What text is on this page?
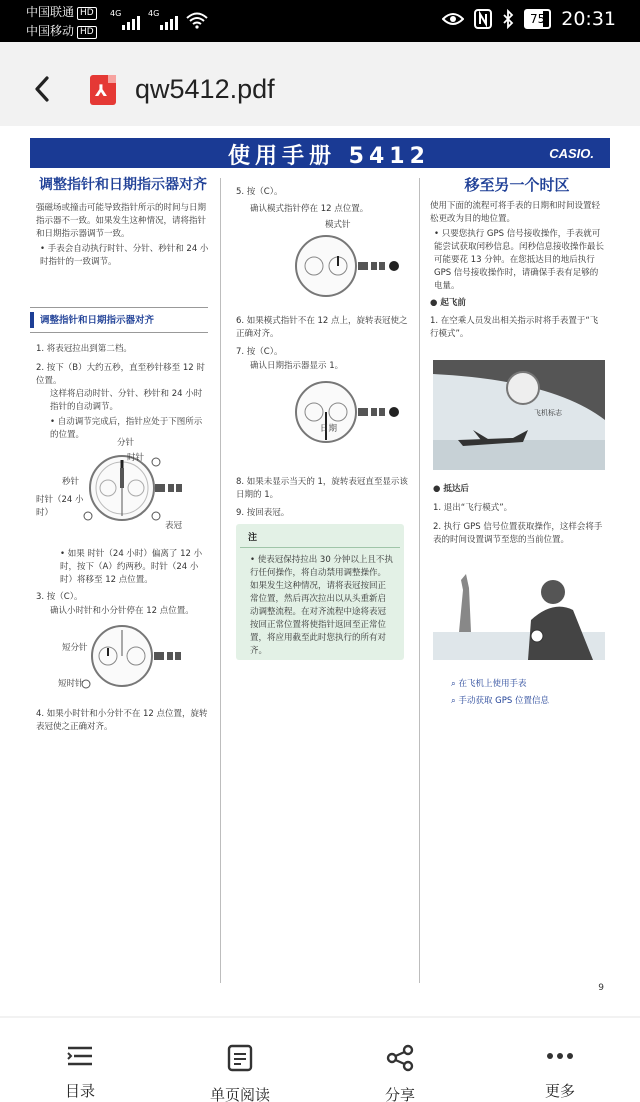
中国联通 HD
中国移动 HD
4G	4G	75 20:31
⅄ qw5412.pdf
使用手册 5412	CASIO.
调整指针和日期指示器对齐
强磁场或撞击可能导致指针所示的时间与日期指示器不一致。如果发生这种情况，请将指针和日期指示器调节一致。
• 手表会自动执行时针、分针、秒针和 24 小时指针的一致调节。
调整指针和日期指示器对齐
1. 将表冠拉出到第二档。
2. 按下（B）大约五秒，直至秒针移至 12 时位置。
这样将启动时针、分针、秒针和 24 小时指针的自动调节。
• 自动调节完成后，指针应处于下图所示的位置。
分针
时针
秒针
时针（24 小时）
表冠
• 如果 时针（24 小时）偏离了 12 小时，按下（A）约两秒。时针（24 小时）将移至 12 点位置。
3. 按（C）。
确认小时针和小分针停在 12 点位置。
短分针
短时针
4. 如果小时针和小分针不在 12 点位置，旋转表冠使之正确对齐。
5. 按（C）。
确认模式指针停在 12 点位置。
模式针
6. 如果模式指针不在 12 点上，旋转表冠使之正确对齐。
7. 按（C）。
确认日期指示器显示 1。
日期
8. 如果未显示当天的 1，旋转表冠直至显示该日期的 1。
9. 按回表冠。
注
• 使表冠保持拉出 30 分钟以上且不执行任何操作，将自动禁用调整操作。如果发生这种情况，请将表冠按回正常位置，然后再次拉出以从头重新启动调整流程。在对齐流程中途将表冠按回正常位置将使指针返回至正常位置，将应用截至此时您执行的所有对齐。
移至另一个时区
使用下面的流程可将手表的日期和时间设置轻松更改为目的地位置。
• 只要您执行 GPS 信号接收操作，手表就可能尝试获取闰秒信息。闰秒信息接收操作最长可能要花 13 分钟。在您抵达目的地后执行 GPS 信号接收操作时，请确保手表有足够的电量。
● 起飞前
1. 在空乘人员发出相关指示时将手表置于“飞行模式”。
飞机标志
● 抵达后
1. 退出“飞行模式”。
2. 执行 GPS 信号位置获取操作，这样会将手表的时间设置调节至您的当前位置。
⌕ 在飞机上使用手表
⌕ 手动获取 GPS 位置信息
9
目录	单页阅读	分享	更多
